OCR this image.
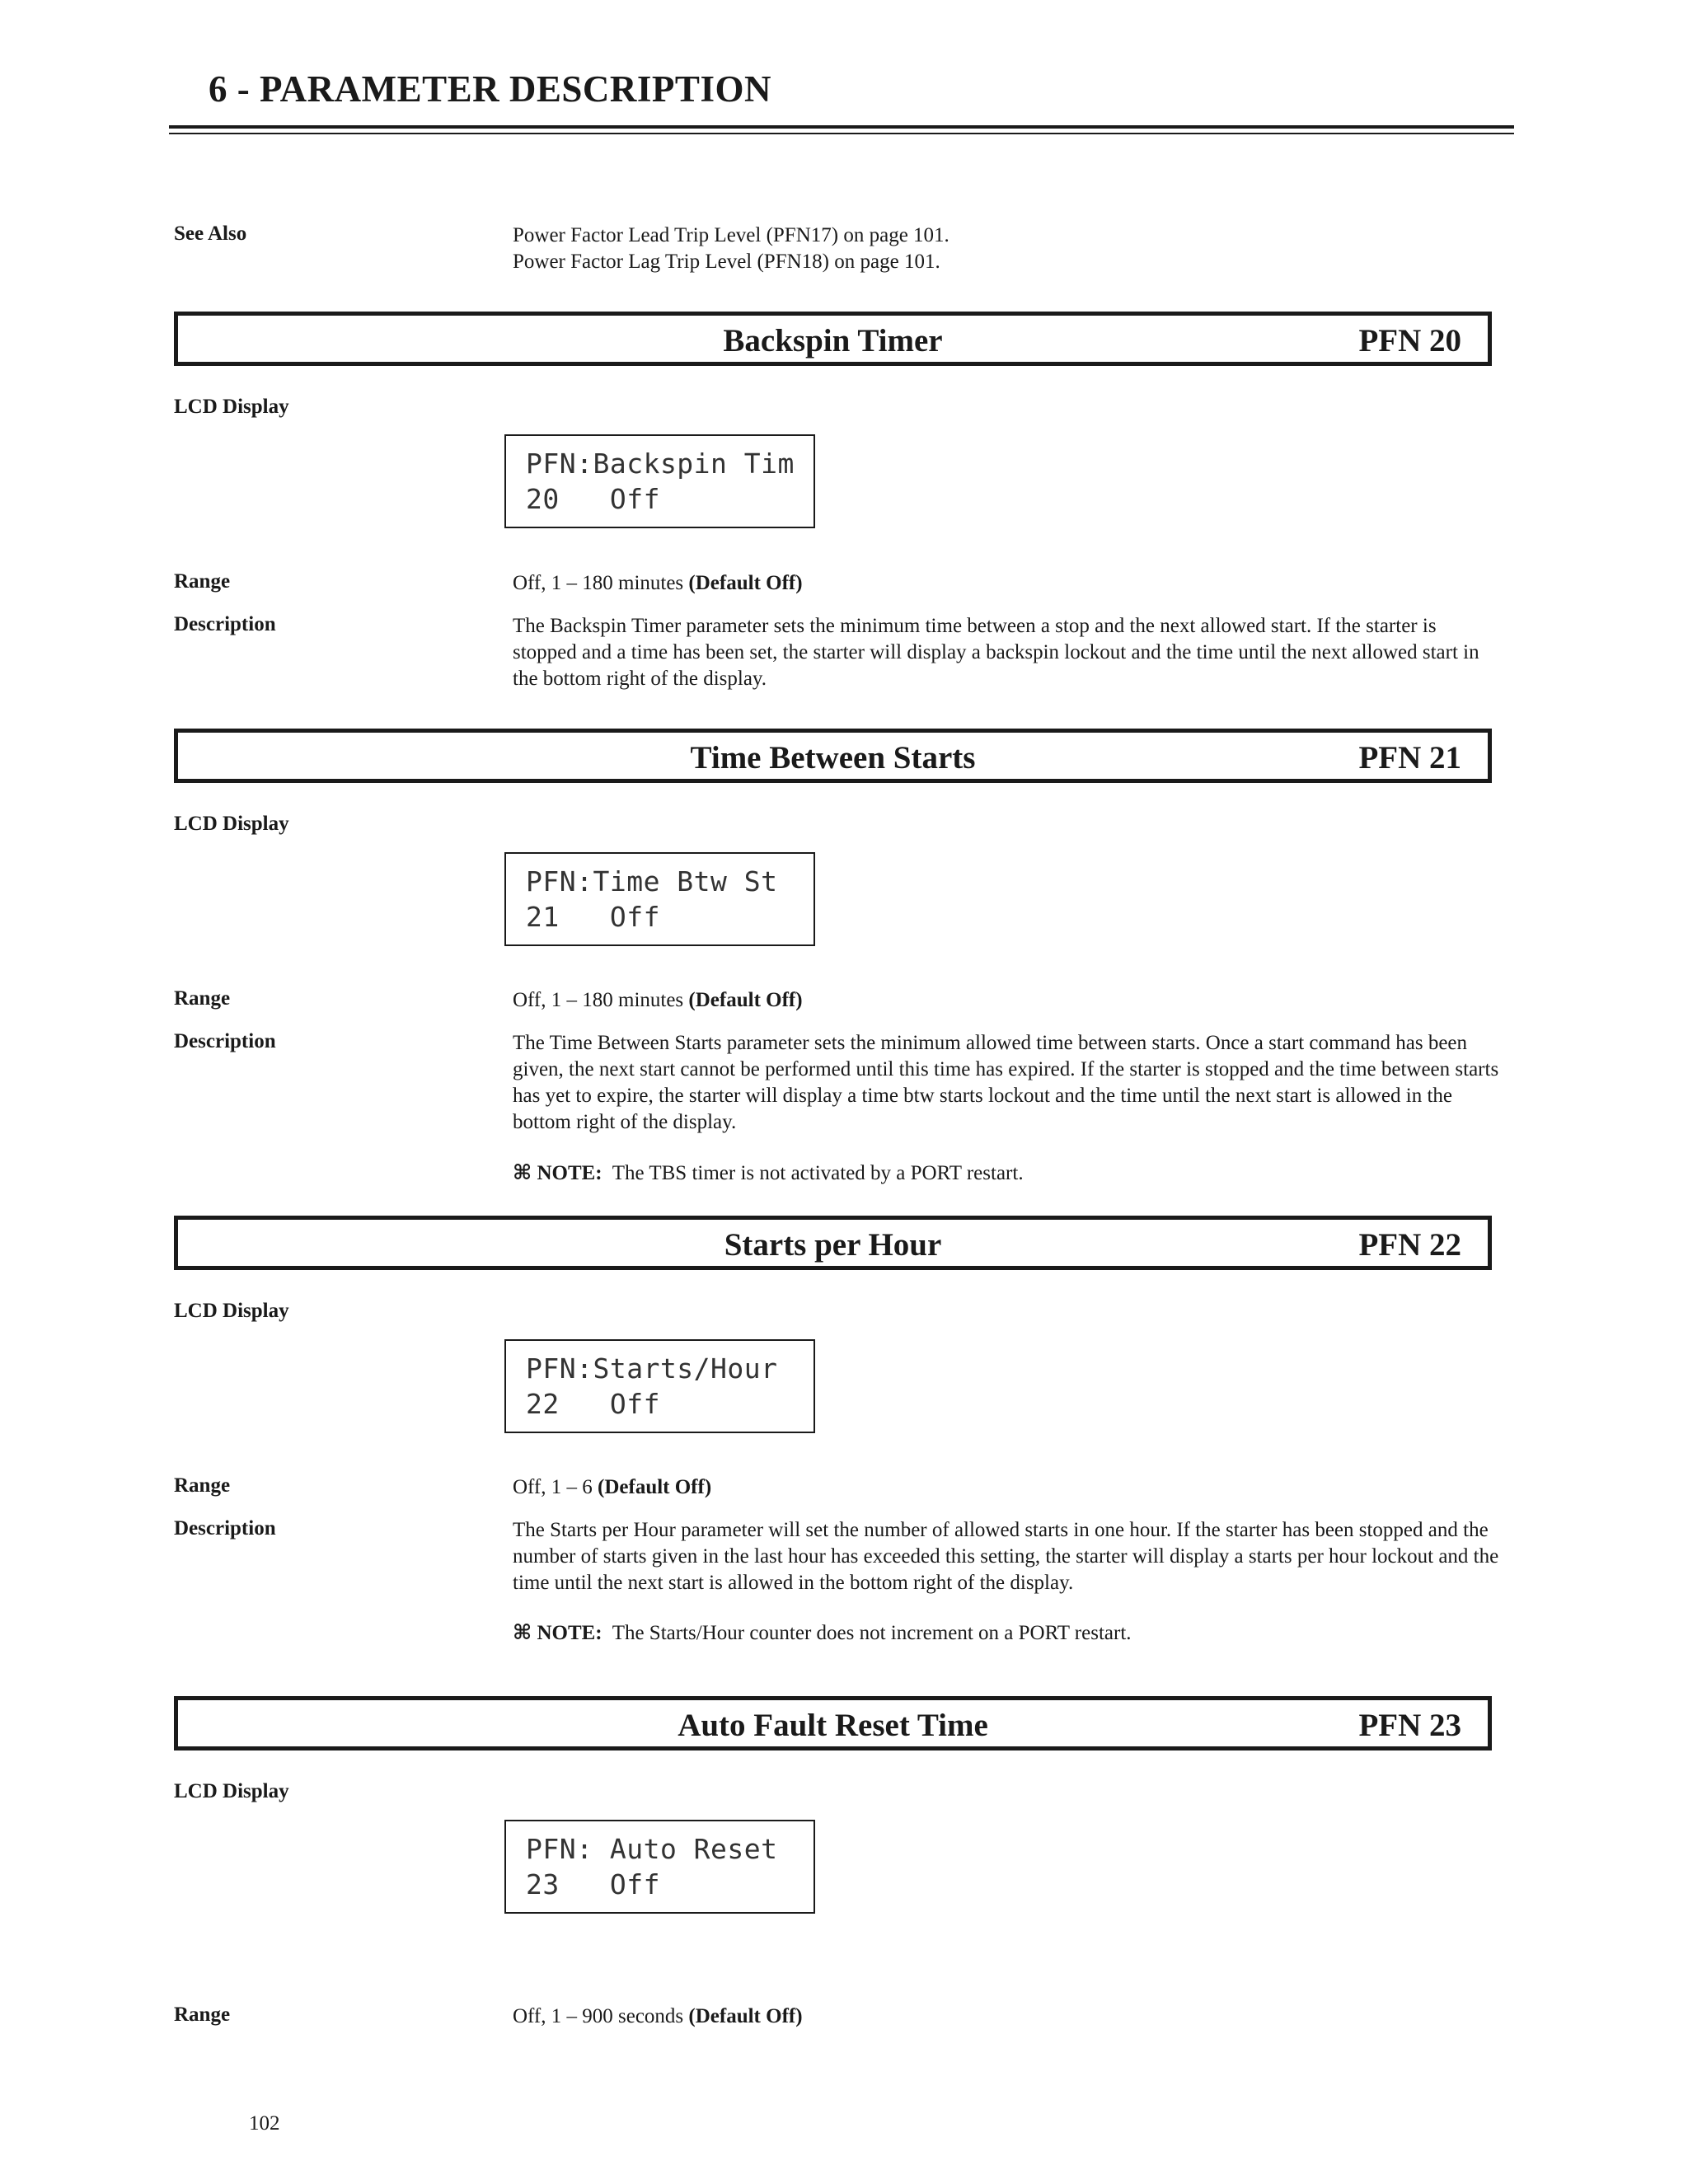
6 - PARAMETER DESCRIPTION
See Also	Power Factor Lead Trip Level (PFN17) on page 101.

Power Factor Lag Trip Level (PFN18) on page 101.

Backspin Timer	PFN 20
LCD Display
PFN:Backspin Tim
20   Off
Range	Off, 1 – 180 minutes (Default Off)
Description	The Backspin Timer parameter sets the minimum time between a stop and the next allowed start. If the starter is stopped and a time has been set, the starter will display a backspin lockout and the time until the next allowed start in the bottom right of the display.
Time Between Starts	PFN 21
LCD Display
PFN:Time Btw St
21   Off
Range	Off, 1 – 180 minutes (Default Off)
Description	The Time Between Starts parameter sets the minimum allowed time between starts. Once a start command has been given, the next start cannot be performed until this time has expired. If the starter is stopped and the time between starts has yet to expire, the starter will display a time btw starts lockout and the time until the next start is allowed in the bottom right of the display.
⌘ NOTE: The TBS timer is not activated by a PORT restart.
Starts per Hour	PFN 22
LCD Display
PFN:Starts/Hour
22   Off
Range	Off, 1 – 6 (Default Off)
Description	The Starts per Hour parameter will set the number of allowed starts in one hour. If the starter has been stopped and the number of starts given in the last hour has exceeded this setting, the starter will display a starts per hour lockout and the time until the next start is allowed in the bottom right of the display.
⌘ NOTE: The Starts/Hour counter does not increment on a PORT restart.
Auto Fault Reset Time	PFN 23
LCD Display
PFN: Auto Reset
23   Off
Range	Off, 1 – 900 seconds (Default Off)
102
